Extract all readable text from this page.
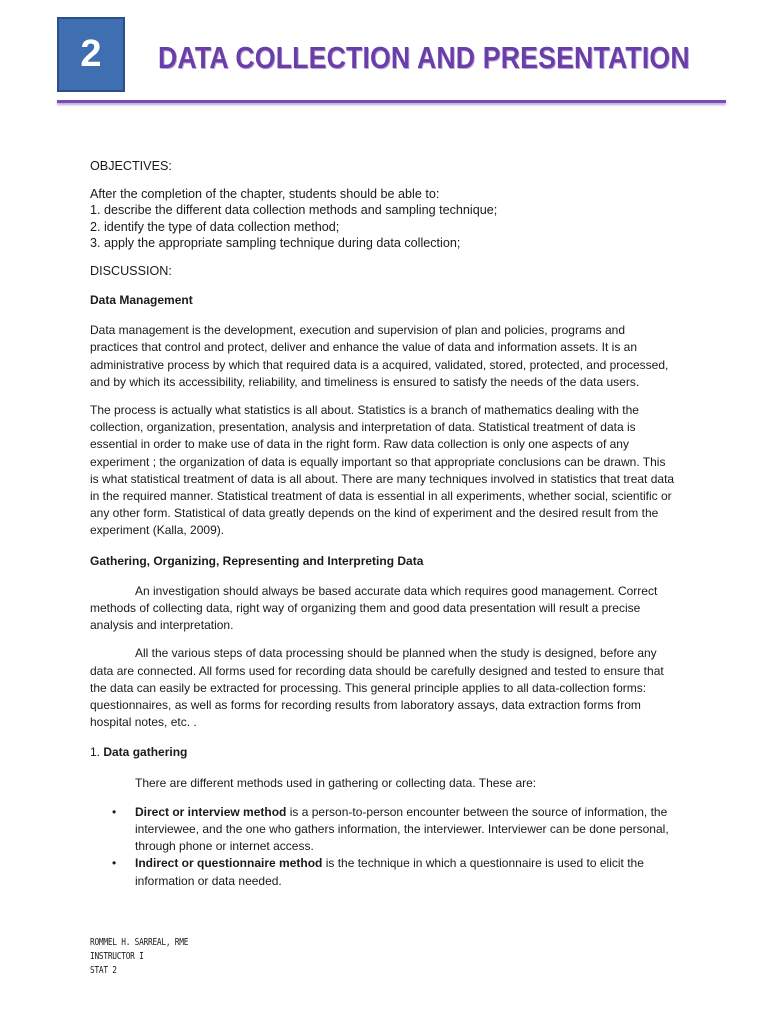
2 DATA COLLECTION AND PRESENTATION

OBJECTIVES:

After the completion of the chapter, students should be able to:

1. describe the different data collection methods and sampling technique;

2. identify the type of data collection method;

3. apply the appropriate sampling technique during data collection;

DISCUSSION:

Data Management

Data management is the development, execution and supervision of plan and policies, programs and practices that control and protect, deliver and enhance the value of data and information assets. It is an administrative process by which that required data is a acquired, validated, stored, protected, and processed, and by which its accessibility, reliability, and timeliness is ensured to satisfy the needs of the data users.

The process is actually what statistics is all about. Statistics is a branch of mathematics dealing with the collection, organization, presentation, analysis and interpretation of data. Statistical treatment of data is essential in order to make use of data in the right form. Raw data collection is only one aspects of any experiment ; the organization of data is equally important so that appropriate conclusions can be drawn. This is what statistical treatment of data is all about. There are many techniques involved in statistics that treat data in the required manner. Statistical treatment of data is essential in all experiments, whether social, scientific or any other form. Statistical of data greatly depends on the kind of experiment and the desired result from the experiment (Kalla, 2009).

Gathering, Organizing, Representing and Interpreting Data

An investigation should always be based accurate data which requires good management. Correct methods of collecting data, right way of organizing them and good data presentation will result a precise analysis and interpretation.

All the various steps of data processing should be planned when the study is designed, before any data are connected. All forms used for recording data should be carefully designed and tested to ensure that the data can easily be extracted for processing. This general principle applies to all data-collection forms: questionnaires, as well as forms for recording results from laboratory assays, data extraction forms from hospital notes, etc. .

1. Data gathering

There are different methods used in gathering or collecting data. These are:

• Direct or interview method is a person-to-person encounter between the source of information, the interviewee, and the one who gathers information, the interviewer. Interviewer can be done personal, through phone or internet access.
• Indirect or questionnaire method is the technique in which a questionnaire is used to elicit the information or data needed.
ROMMEL H. SARREAL, RME
INSTRUCTOR I
STAT 2
